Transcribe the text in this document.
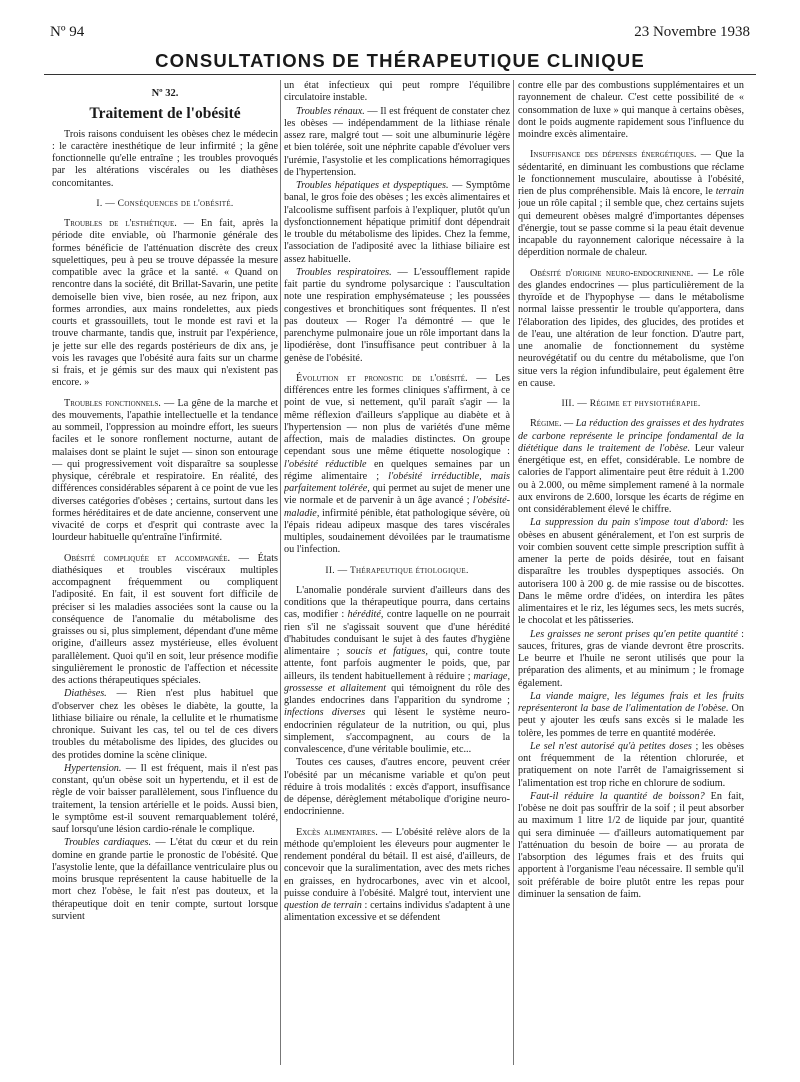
Nº 94	23 Novembre 1938
CONSULTATIONS DE THÉRAPEUTIQUE CLINIQUE

Nº 32.

Traitement de l'obésité

Trois raisons conduisent les obèses chez le médecin : le caractère inesthétique de leur infirmité ; la gêne fonctionnelle qu'elle entraîne ; les troubles provoqués par les altérations viscérales ou les diathèses concomitantes.

I. — Conséquences de l'obésité.

Troubles de l'esthétique. — En fait, après la période dite enviable, où l'harmonie générale des formes bénéficie de l'atténuation discrète des creux squelettiques, peu à peu se trouve dépassée la mesure compatible avec la grâce et la santé. « Quand on rencontre dans la société, dit Brillat-Savarin, une petite demoiselle bien vive, bien rosée, au nez fripon, aux formes arrondies, aux mains rondelettes, aux pieds courts et grassouillets, tout le monde est ravi et la trouve charmante, tandis que, instruit par l'expérience, je jette sur elle des regards postérieurs de dix ans, je vois les ravages que l'obésité aura faits sur un charme si frais, et je gémis sur des maux qui n'existent pas encore. »

Troubles fonctionnels. — La gêne de la marche et des mouvements, l'apathie intellectuelle et la tendance au sommeil, l'oppression au moindre effort, les sueurs faciles et le sonore ronflement nocturne, autant de malaises dont se plaint le sujet — sinon son entourage — qui progressivement voit disparaître sa souplesse physique, cérébrale et respiratoire. En réalité, des différences considérables séparent à ce point de vue les diverses catégories d'obèses ; certains, surtout dans les formes héréditaires et de date ancienne, conservent une vivacité de corps et d'esprit qui contraste avec la lourdeur habituelle qu'entraîne l'infirmité.

Obésité compliquée et accompagnée. — États diathésiques et troubles viscéraux multiples accompagnent fréquemment ou compliquent l'adiposité. En fait, il est souvent fort difficile de préciser si les maladies associées sont la cause ou la conséquence de l'anomalie du métabolisme des graisses ou si, plus simplement, dépendant d'une même origine, d'ailleurs assez mystérieuse, elles évoluent parallèlement. Quoi qu'il en soit, leur présence modifie singulièrement le pronostic de l'affection et nécessite des actions thérapeutiques spéciales.

Diathèses. — Rien n'est plus habituel que d'observer chez les obèses le diabète, la goutte, la lithiase biliaire ou rénale, la cellulite et le rhumatisme chronique. Suivant les cas, tel ou tel de ces divers troubles du métabolisme des lipides, des glucides ou des protides domine la scène clinique.

Hypertension. — Il est fréquent, mais il n'est pas constant, qu'un obèse soit un hypertendu, et il est de règle de voir baisser parallèlement, sous l'influence du traitement, la tension artérielle et le poids. Aussi bien, le symptôme est-il souvent remarquablement toléré, sauf lorsqu'une lésion cardio-rénale le complique.

Troubles cardiaques. — L'état du cœur et du rein domine en grande partie le pronostic de l'obésité. Que l'asystolie lente, que la défaillance ventriculaire plus ou moins brusque représentent la cause habituelle de la mort chez l'obèse, le fait n'est pas douteux, et la thérapeutique doit en tenir compte, surtout lorsque survient

un état infectieux qui peut rompre l'équilibre circulatoire instable.

Troubles rénaux. — Il est fréquent de constater chez les obèses — indépendamment de la lithiase rénale assez rare, malgré tout — soit une albuminurie légère et bien tolérée, soit une néphrite capable d'évoluer vers l'urémie, l'asystolie et les complications hémorragiques de l'hypertension.

Troubles hépatiques et dyspeptiques. — Symptôme banal, le gros foie des obèses ; les excès alimentaires et l'alcoolisme suffisent parfois à l'expliquer, plutôt qu'un dysfonctionnement hépatique primitif dont dépendrait le trouble du métabolisme des lipides. Chez la femme, l'association de l'adiposité avec la lithiase biliaire est assez habituelle.

Troubles respiratoires. — L'essoufflement rapide fait partie du syndrome polysarcique : l'auscultation note une respiration emphysémateuse ; les poussées congestives et bronchitiques sont fréquentes. Il n'est pas douteux — Roger l'a démontré — que le parenchyme pulmonaire joue un rôle important dans la lipodiérèse, dont l'insuffisance peut contribuer à la genèse de l'obésité.

Évolution et pronostic de l'obésité. — Les différences entre les formes cliniques s'affirment, à ce point de vue, si nettement, qu'il paraît s'agir — la même réflexion d'ailleurs s'applique au diabète et à l'hypertension — non plus de variétés d'une même affection, mais de maladies distinctes. On groupe cependant sous une même étiquette nosologique : l'obésité réductible en quelques semaines par un régime alimentaire ; l'obésité irréductible, mais parfaitement tolérée, qui permet au sujet de mener une vie normale et de parvenir à un âge avancé ; l'obésité-maladie, infirmité pénible, état pathologique sévère, où l'épais rideau adipeux masque des tares viscérales multiples, soudainement dévoilées par le traumatisme ou l'infection.

II. — Thérapeutique étiologique.

L'anomalie pondérale survient d'ailleurs dans des conditions que la thérapeutique pourra, dans certains cas, modifier : hérédité, contre laquelle on ne pourrait rien s'il ne s'agissait souvent que d'une hérédité d'habitudes conduisant le sujet à des fautes d'hygiène alimentaire ; soucis et fatigues, qui, contre toute attente, font parfois augmenter le poids, que, par ailleurs, ils tendent habituellement à réduire ; mariage, grossesse et allaitement qui témoignent du rôle des glandes endocrines dans l'apparition du syndrome ; infections diverses qui lèsent le système neuro-endocrinien régulateur de la nutrition, ou qui, plus simplement, s'accompagnent, au cours de la convalescence, d'une véritable boulimie, etc...

Toutes ces causes, d'autres encore, peuvent créer l'obésité par un mécanisme variable et qu'on peut réduire à trois modalités : excès d'apport, insuffisance de dépense, dérèglement métabolique d'origine neuro-endocrinienne.

Excès alimentaires. — L'obésité relève alors de la méthode qu'emploient les éleveurs pour augmenter le rendement pondéral du bétail. Il est aisé, d'ailleurs, de concevoir que la suralimentation, avec des mets riches en graisses, en hydrocarbones, avec vin et alcool, puisse conduire à l'obésité. Malgré tout, intervient une question de terrain : certains individus s'adaptent à une alimentation excessive et se défendent

contre elle par des combustions supplémentaires et un rayonnement de chaleur. C'est cette possibilité de « consommation de luxe » qui manque à certains obèses, dont le poids augmente rapidement sous l'influence du moindre excès alimentaire.

Insuffisance des dépenses énergétiques. — Que la sédentarité, en diminuant les combustions que réclame le fonctionnement musculaire, aboutisse à l'obésité, rien de plus compréhensible. Mais là encore, le terrain joue un rôle capital ; il semble que, chez certains sujets qui demeurent obèses malgré d'importantes dépenses d'énergie, tout se passe comme si la peau était devenue incapable du rayonnement calorique nécessaire à la déperdition normale de chaleur.

Obésité d'origine neuro-endocrinienne. — Le rôle des glandes endocrines — plus particulièrement de la thyroïde et de l'hypophyse — dans le métabolisme normal laisse pressentir le trouble qu'apportera, dans l'élaboration des lipides, des glucides, des protides et de l'eau, une altération de leur fonction. D'autre part, une anomalie de fonctionnement du système neurovégétatif ou du centre du métabolisme, que l'on situe vers la région infundibulaire, peut également être en cause.

III. — Régime et physiothérapie.

Régime. — La réduction des graisses et des hydrates de carbone représente le principe fondamental de la diététique dans le traitement de l'obèse. Leur valeur énergétique est, en effet, considérable. Le nombre de calories de l'apport alimentaire peut être réduit à 1.200 ou à 2.000, ou même simplement ramené à la normale aux environs de 2.600, lorsque les écarts de régime en ont considérablement élevé le chiffre.

La suppression du pain s'impose tout d'abord: les obèses en abusent généralement, et l'on est surpris de voir combien souvent cette simple prescription suffit à amener la perte de poids désirée, tout en faisant disparaître les troubles dyspeptiques associés. On autorisera 100 à 200 g. de mie rassise ou de biscottes. Dans le même ordre d'idées, on interdira les pâtes alimentaires et le riz, les légumes secs, les mets sucrés, le chocolat et les pâtisseries.

Les graisses ne seront prises qu'en petite quantité : sauces, fritures, gras de viande devront être proscrits. Le beurre et l'huile ne seront utilisés que pour la préparation des aliments, et au minimum ; le fromage également.

La viande maigre, les légumes frais et les fruits représenteront la base de l'alimentation de l'obèse. On peut y ajouter les œufs sans excès si le malade les tolère, les pommes de terre en quantité modérée.

Le sel n'est autorisé qu'à petites doses ; les obèses ont fréquemment de la rétention chlorurée, et pratiquement on note l'arrêt de l'amaigrissement si l'alimentation est trop riche en chlorure de sodium.

Faut-il réduire la quantité de boisson? En fait, l'obèse ne doit pas souffrir de la soif ; il peut absorber au maximum 1 litre 1/2 de liquide par jour, quantité qui sera diminuée — d'ailleurs automatiquement par l'atténuation du besoin de boire — au prorata de l'absorption des légumes frais et des fruits qui apportent à l'organisme l'eau nécessaire. Il semble qu'il soit préférable de boire plutôt entre les repas pour diminuer la sensation de faim.
